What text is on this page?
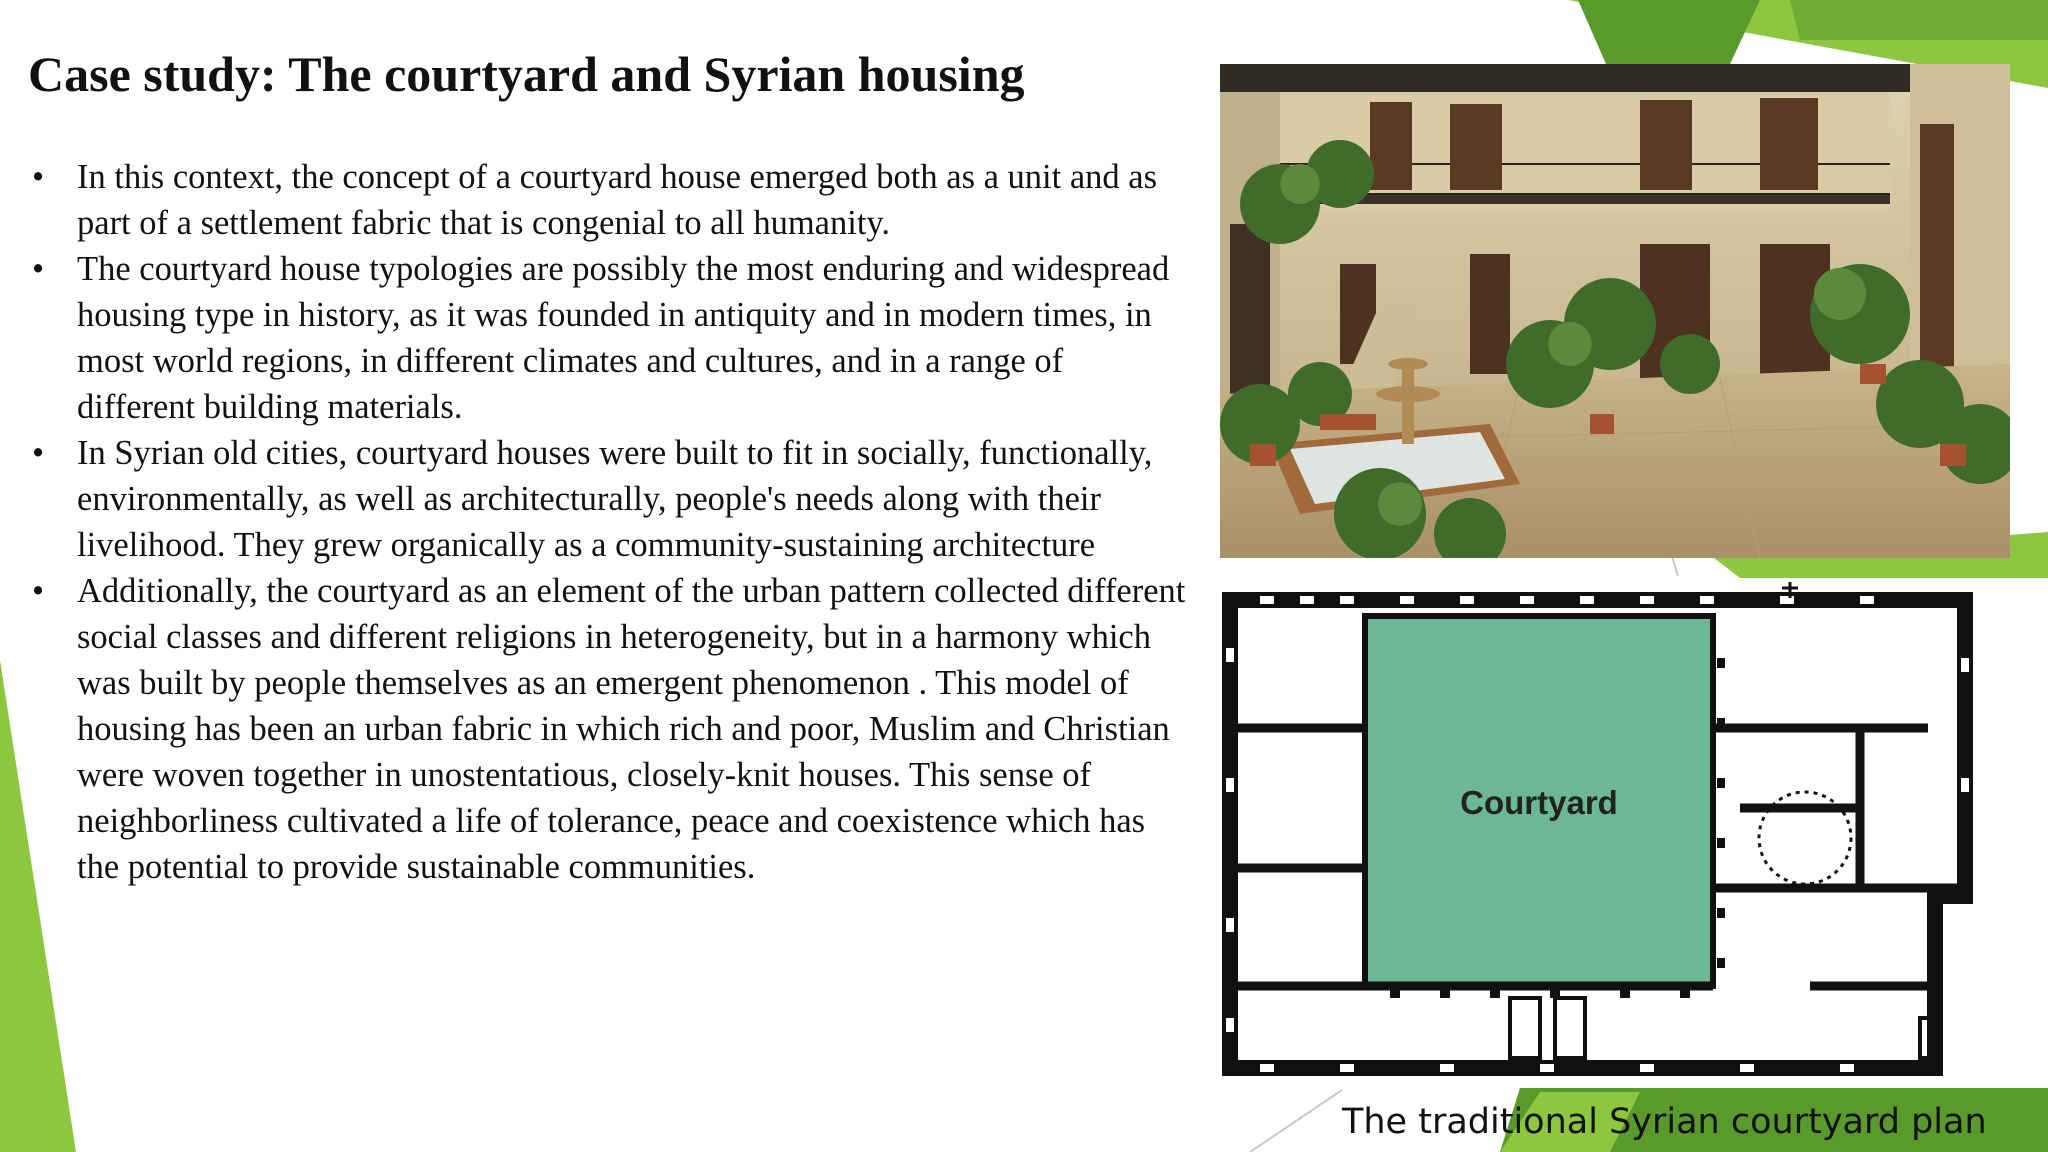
Case study: The courtyard and Syrian housing
• In this context, the concept of a courtyard house emerged both as a unit and as part of a settlement fabric that is congenial to all humanity.
• The courtyard house typologies are possibly the most enduring and widespread housing type in history, as it was founded in antiquity and in modern times, in most world regions, in different climates and cultures, and in a range of different building materials.
• In Syrian old cities, courtyard houses were built to fit in socially, functionally, environmentally, as well as architecturally, people's needs along with their livelihood. They grew organically as a community-sustaining architecture
• Additionally, the courtyard as an element of the urban pattern collected different social classes and different religions in heterogeneity, but in a harmony which was built by people themselves as an emergent phenomenon . This model of housing has been an urban fabric in which rich and poor, Muslim and Christian were woven together in unostentatious, closely-knit houses. This sense of neighborliness cultivated a life of tolerance, peace and coexistence which has the potential to provide sustainable communities.
Courtyard
The traditional Syrian courtyard plan
